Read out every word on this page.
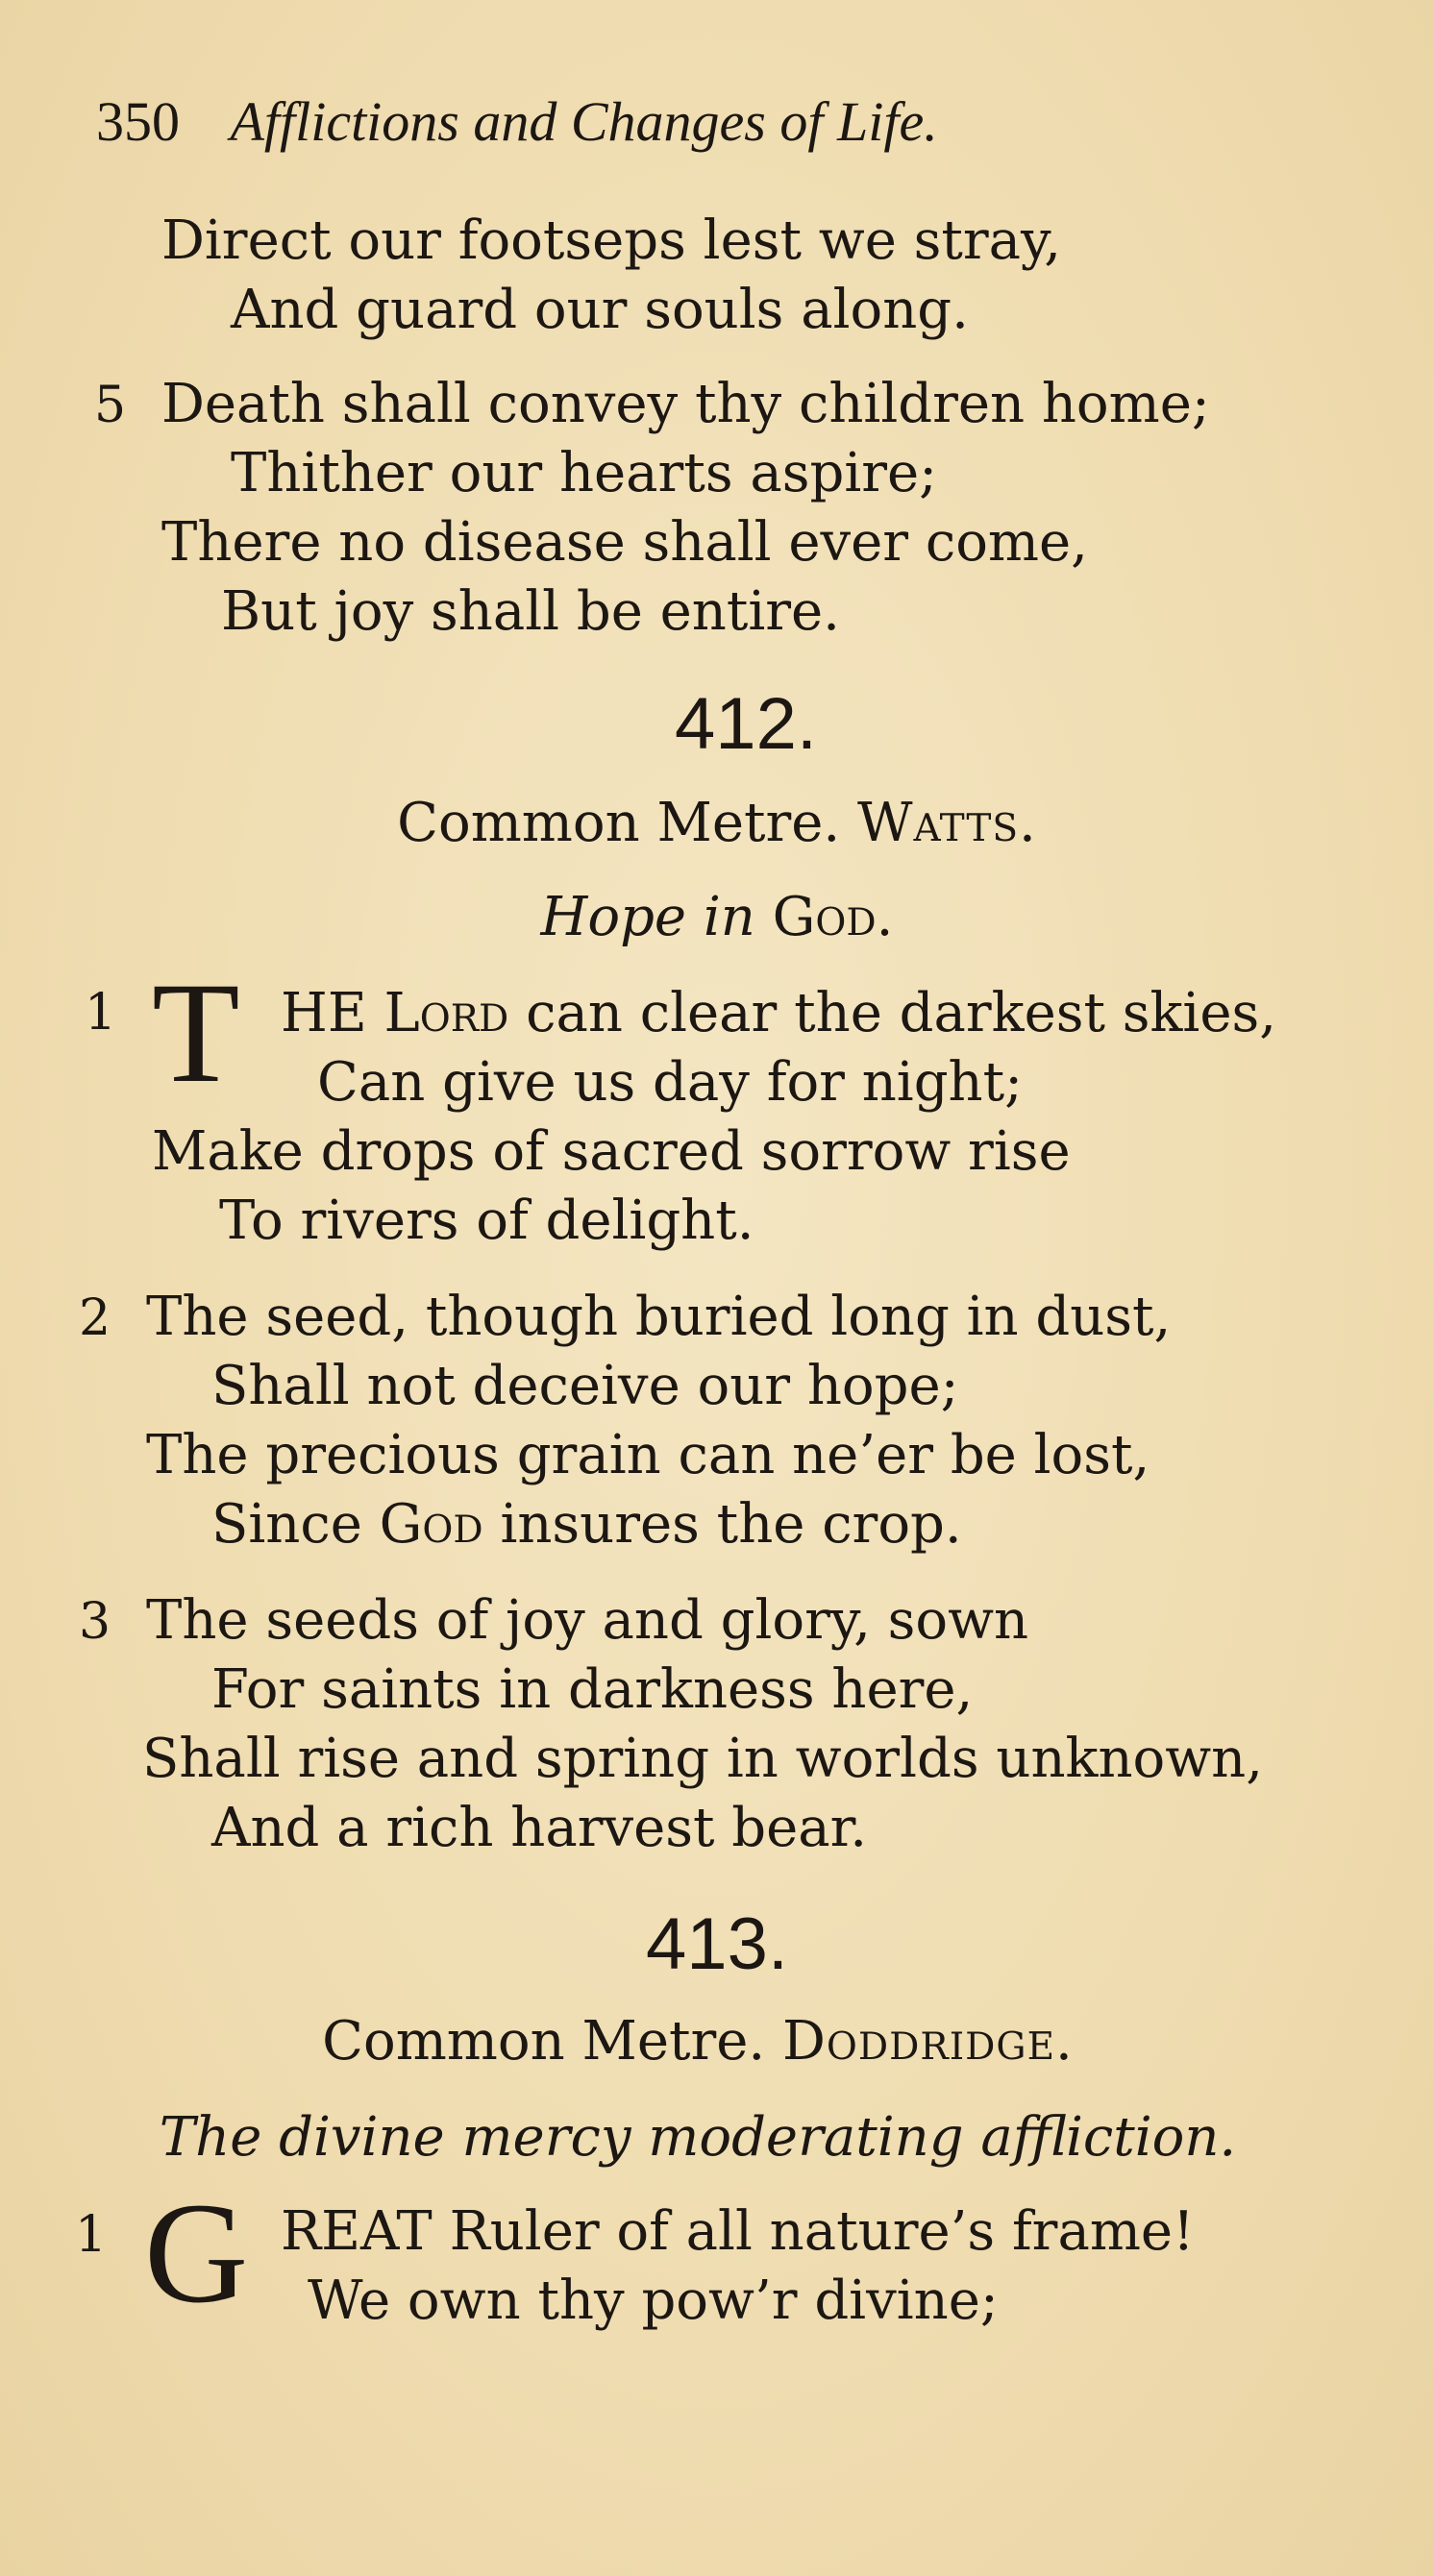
350 Afflictions and Changes of Life.
Direct our footseps lest we stray,
And guard our souls along.
5 Death shall convey thy children home;
Thither our hearts aspire;
There no disease shall ever come,
But joy shall be entire.
412.
Common Metre. Watts.
Hope in God.
1 T HE Lord can clear the darkest skies,
Can give us day for night;
Make drops of sacred sorrow rise
To rivers of delight.
2 The seed, though buried long in dust,
Shall not deceive our hope;
The precious grain can ne’er be lost,
Since God insures the crop.
3 The seeds of joy and glory, sown
For saints in darkness here,
Shall rise and spring in worlds unknown,
And a rich harvest bear.
413.
Common Metre. Doddridge.
The divine mercy moderating affliction.
1 G REAT Ruler of all nature’s frame!
We own thy pow’r divine;
